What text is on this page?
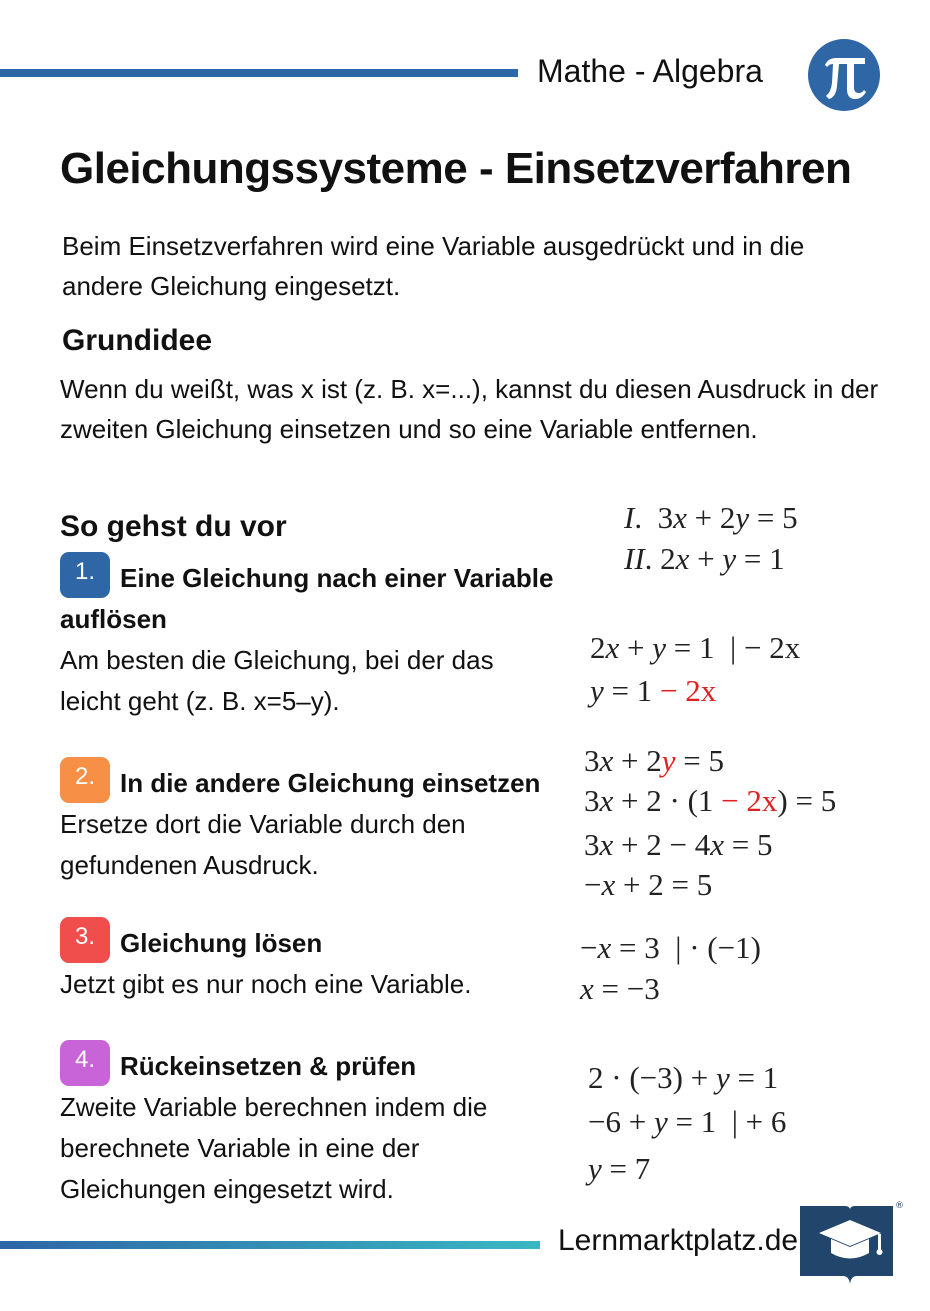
Mathe - Algebra
Gleichungssysteme - Einsetzverfahren
Beim Einsetzverfahren wird eine Variable ausgedrückt und in die andere Gleichung eingesetzt.
Grundidee
Wenn du weißt, was x ist (z. B. x=...), kannst du diesen Ausdruck in der zweiten Gleichung einsetzen und so eine Variable entfernen.
So gehst du vor
1. Eine Gleichung nach einer Variable auflösen
Am besten die Gleichung, bei der das leicht geht (z. B. x=5–y).
2. In die andere Gleichung einsetzen
Ersetze dort die Variable durch den gefundenen Ausdruck.
3. Gleichung lösen
Jetzt gibt es nur noch eine Variable.
4. Rückeinsetzen & prüfen
Zweite Variable berechnen indem die berechnete Variable in eine der Gleichungen eingesetzt wird.
I.  3x + 2y = 5
II. 2x + y = 1
2x + y = 1  | − 2x
y = 1 − 2x
3x + 2y = 5
3x + 2 · (1 − 2x) = 5
3x + 2 − 4x = 5
−x + 2 = 5
−x = 3  | · (−1)
x = −3
2 · (−3) + y = 1
−6 + y = 1  | + 6
y = 7
Lernmarktplatz.de
®
